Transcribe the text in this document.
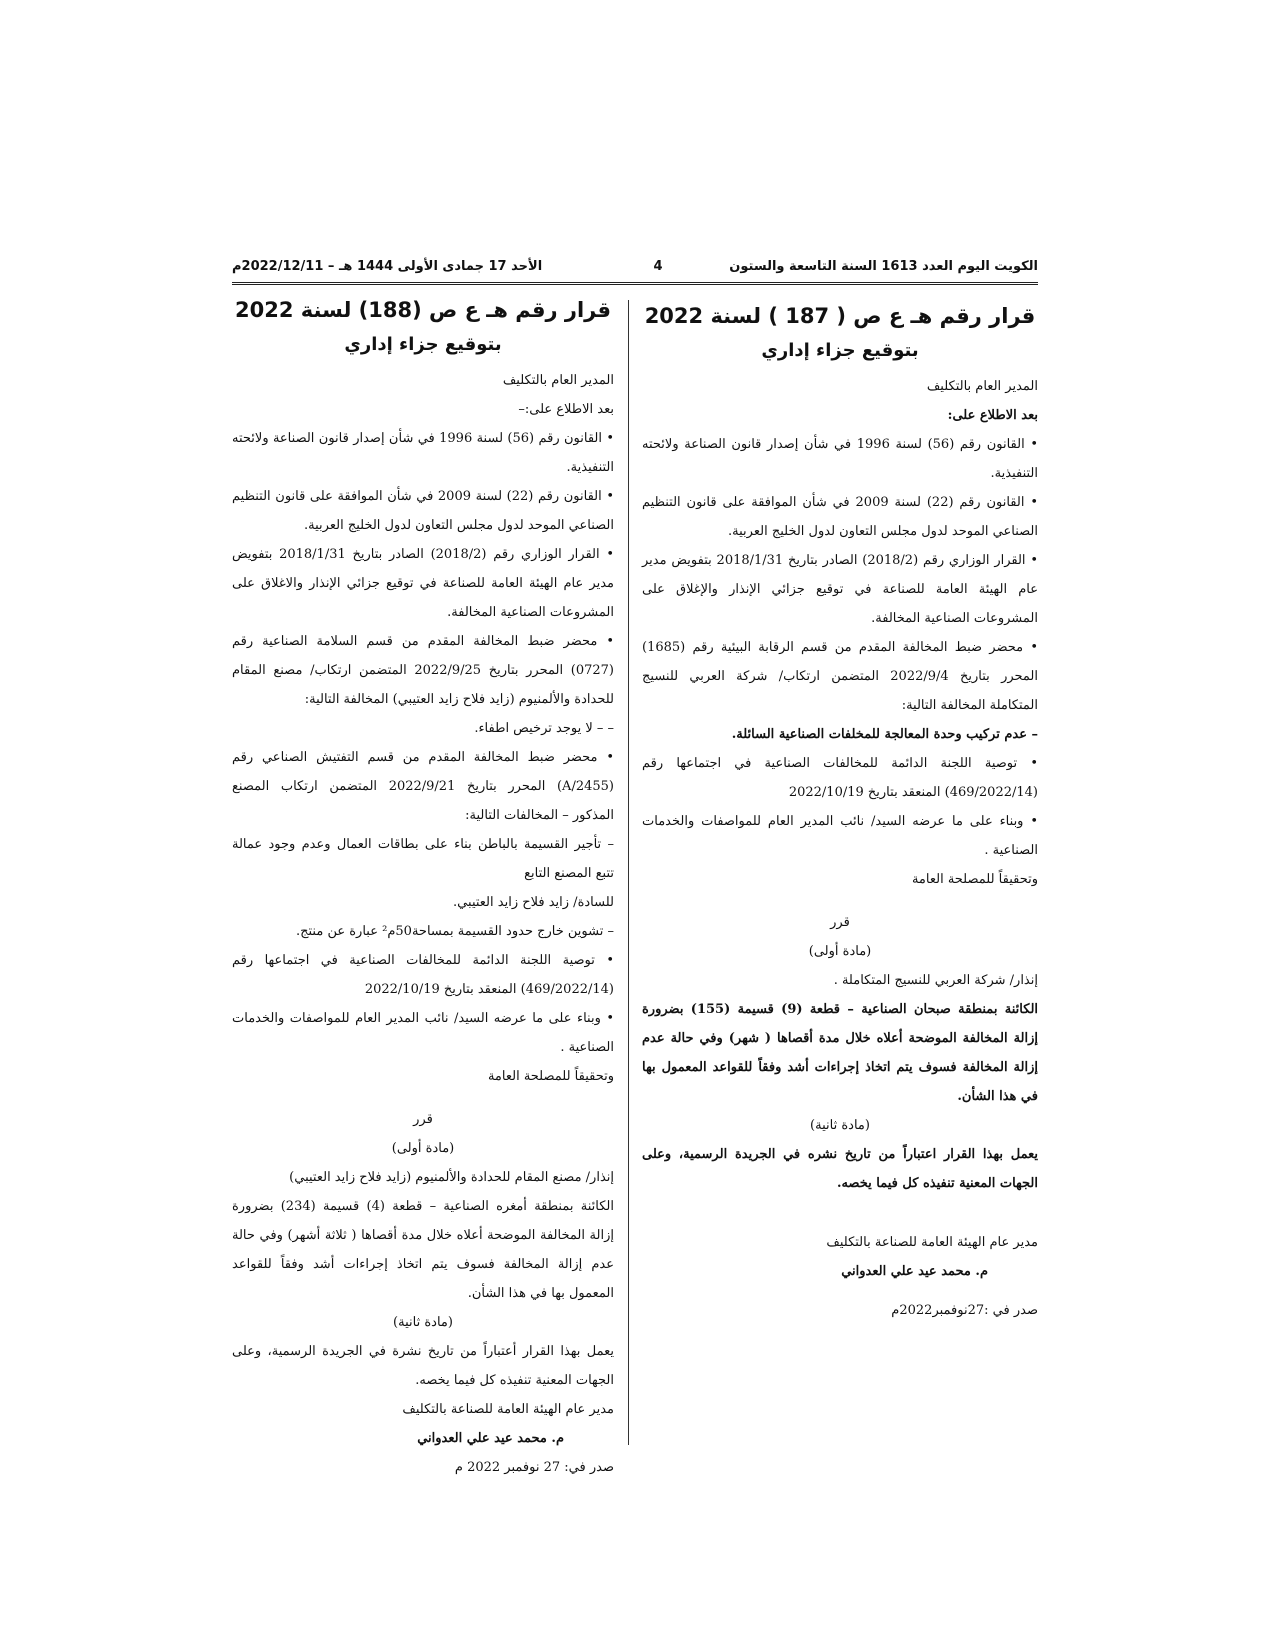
الكويت اليوم العدد 1613 السنة التاسعة والستون
4
الأحد 17 جمادى الأولى 1444 هـ – 2022/12/11م
قرار رقم هـ ع ص ( 187 ) لسنة 2022
بتوقيع جزاء إداري

المدير العام بالتكليف

بعد الاطلاع على:

• القانون رقم (56) لسنة 1996 في شأن إصدار قانون الصناعة ولائحته التنفيذية.

• القانون رقم (22) لسنة 2009 في شأن الموافقة على قانون التنظيم الصناعي الموحد لدول مجلس التعاون لدول الخليج العربية.

• القرار الوزاري رقم (2018/2) الصادر بتاريخ 2018/1/31 بتفويض مدير عام الهيئة العامة للصناعة في توقيع جزائي الإنذار والإغلاق على المشروعات الصناعية المخالفة.

• محضر ضبط المخالفة المقدم من قسم الرقابة البيئية رقم (1685) المحرر بتاريخ 2022/9/4 المتضمن ارتكاب/ شركة العربي للنسيج المتكاملة المخالفة التالية:

– عدم تركيب وحدة المعالجة للمخلفات الصناعية السائلة.

• توصية اللجنة الدائمة للمخالفات الصناعية في اجتماعها رقم (469/2022/14) المنعقد بتاريخ 2022/10/19

• وبناء على ما عرضه السيد/ نائب المدير العام للمواصفات والخدمات الصناعية .

وتحقيقاً للمصلحة العامة

قرر

(مادة أولى)

إنذار/ شركة العربي للنسيج المتكاملة .

الكائنة بمنطقة صبحان الصناعية – قطعة (9) قسيمة (155) بضرورة إزالة المخالفة الموضحة أعلاه خلال مدة أقصاها ( شهر) وفي حالة عدم إزالة المخالفة فسوف يتم اتخاذ إجراءات أشد وفقاً للقواعد المعمول بها في هذا الشأن.

(مادة ثانية)

يعمل بهذا القرار اعتباراً من تاريخ نشره في الجريدة الرسمية، وعلى الجهات المعنية تنفيذه كل فيما يخصه.

مدير عام الهيئة العامة للصناعة بالتكليف

م. محمد عيد علي العدواني

صدر في :27نوفمبر2022م

قرار رقم هـ ع ص (188) لسنة 2022
بتوقيع جزاء إداري

المدير العام بالتكليف

بعد الاطلاع على:–

• القانون رقم (56) لسنة 1996 في شأن إصدار قانون الصناعة ولائحته التنفيذية.

• القانون رقم (22) لسنة 2009 في شأن الموافقة على قانون التنظيم الصناعي الموحد لدول مجلس التعاون لدول الخليج العربية.

• القرار الوزاري رقم (2018/2) الصادر بتاريخ 2018/1/31 بتفويض مدير عام الهيئة العامة للصناعة في توقيع جزائي الإنذار والاغلاق على المشروعات الصناعية المخالفة.

• محضر ضبط المخالفة المقدم من قسم السلامة الصناعية رقم (0727) المحرر بتاريخ 2022/9/25 المتضمن ارتكاب/ مصنع المقام للحدادة والألمنيوم (زايد فلاح زايد العتيبي) المخالفة التالية:

– – لا يوجد ترخيص اطفاء.

• محضر ضبط المخالفة المقدم من قسم التفتيش الصناعي رقم (2455/A) المحرر بتاريخ 2022/9/21 المتضمن ارتكاب المصنع المذكور – المخالفات التالية:

– تأجير القسيمة بالباطن بناء على بطاقات العمال وعدم وجود عمالة تتبع المصنع التابع

للسادة/ زايد فلاح زايد العتيبي.

– تشوين خارج حدود القسيمة بمساحة50م² عبارة عن منتج.

• توصية اللجنة الدائمة للمخالفات الصناعية في اجتماعها رقم (469/2022/14) المنعقد بتاريخ 2022/10/19

• وبناء على ما عرضه السيد/ نائب المدير العام للمواصفات والخدمات الصناعية .

وتحقيقاً للمصلحة العامة

قرر

(مادة أولى)

إنذار/ مصنع المقام للحدادة والألمنيوم (زايد فلاح زايد العتيبي)

الكائنة بمنطقة أمغره الصناعية – قطعة (4) قسيمة (234) بضرورة إزالة المخالفة الموضحة أعلاه خلال مدة أقصاها ( ثلاثة أشهر) وفي حالة عدم إزالة المخالفة فسوف يتم اتخاذ إجراءات أشد وفقاً للقواعد المعمول بها في هذا الشأن.

(مادة ثانية)

يعمل بهذا القرار أعتباراً من تاريخ نشرة في الجريدة الرسمية، وعلى الجهات المعنية تنفيذه كل فيما يخصه.

مدير عام الهيئة العامة للصناعة بالتكليف

م. محمد عيد علي العدواني

صدر في: 27 نوفمبر 2022 م
